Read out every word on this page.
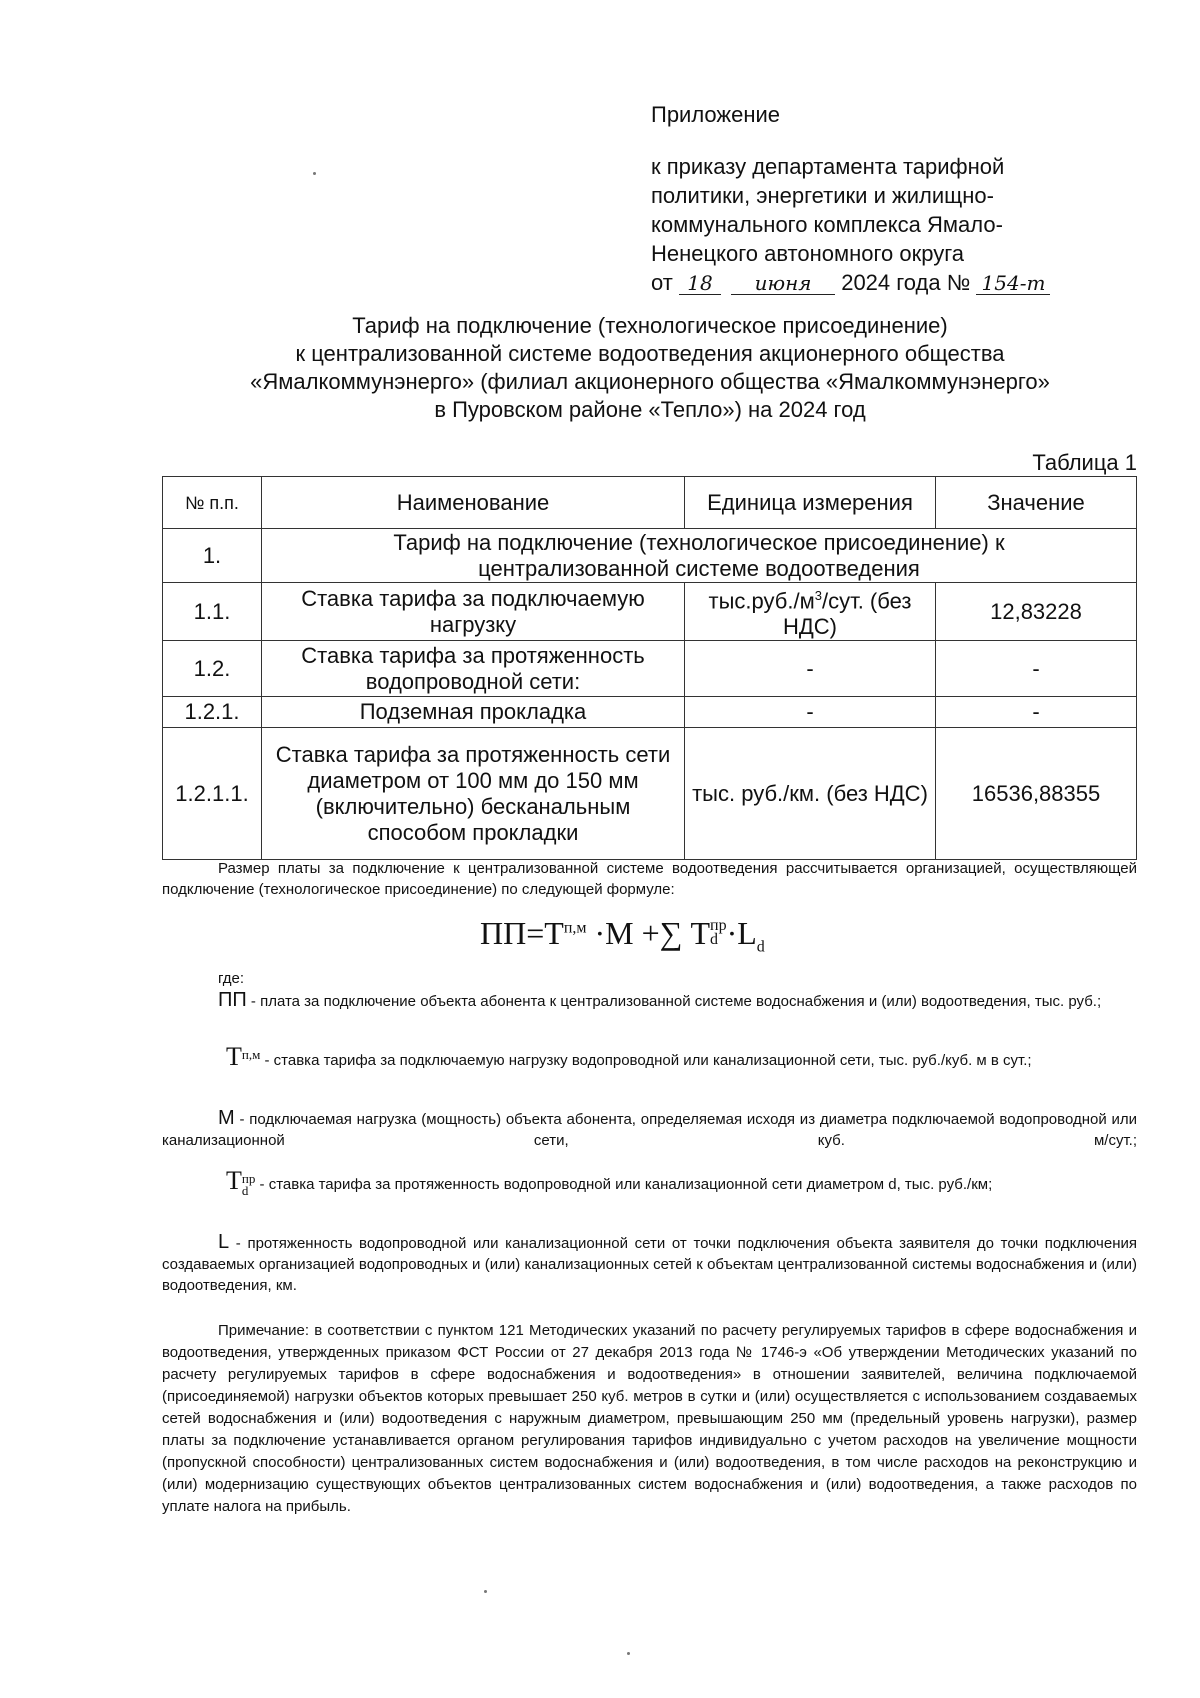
Приложение
к приказу департамента тарифной
политики, энергетики и жилищно-
коммунального комплекса Ямало-
Ненецкого автономного округа
от 18 июня 2024 года № 154-т
Тариф на подключение (технологическое присоединение)
к централизованной системе водоотведения акционерного общества
«Ямалкоммунэнерго» (филиал акционерного общества «Ямалкоммунэнерго»
в Пуровском районе «Тепло») на 2024 год
Таблица 1
№ п.п.	Наименование	Единица измерения	Значение
1.	Тариф на подключение (технологическое присоединение) к централизованной системе водоотведения		
1.1.	Ставка тарифа за подключаемую нагрузку	$тыс.руб./м^3$/сут. (без НДС)	12,83228
1.2.	Ставка тарифа за протяженность водопроводной сети:	-	-
1.2.1.	Подземная прокладка	-	-
1.2.1.1.	Ставка тарифа за протяженность сети диаметром от 100 мм до 150 мм (включительно) бесканальным способом прокладки	тыс. руб./км. (без НДС)	16536,88355
Размер платы за подключение к централизованной системе водоотведения рассчитывается организацией, осуществляющей подключение (технологическое присоединение) по следующей формуле:
$ПП=Т^{п,м} \cdot М$ +∑ Т пр
$d \cdot L_d$
где:
ПП - плата за подключение объекта абонента к централизованной системе водоснабжения и (или) водоотведения, тыс. руб.;
$Т^{п,м}$ - ставка тарифа за подключаемую нагрузку водопроводной или канализационной сети, тыс. руб./куб. м в сут.;
М - подключаемая нагрузка (мощность) объекта абонента, определяемая исходя из диаметра подключаемой водопроводной или канализационной сети, куб. м/сут.;
Т пр
d - ставка тарифа за протяженность водопроводной или канализационной сети диаметром d, тыс. руб./км;
L - протяженность водопроводной или канализационной сети от точки подключения объекта заявителя до точки подключения создаваемых организацией водопроводных и (или) канализационных сетей к объектам централизованной системы водоснабжения и (или) водоотведения, км.
Примечание: в соответствии с пунктом 121 Методических указаний по расчету регулируемых тарифов в сфере водоснабжения и водоотведения, утвержденных приказом ФСТ России от 27 декабря 2013 года № 1746-э «Об утверждении Методических указаний по расчету регулируемых тарифов в сфере водоснабжения и водоотведения» в отношении заявителей, величина подключаемой (присоединяемой) нагрузки объектов которых превышает 250 куб. метров в сутки и (или) осуществляется с использованием создаваемых сетей водоснабжения и (или) водоотведения с наружным диаметром, превышающим 250 мм (предельный уровень нагрузки), размер платы за подключение устанавливается органом регулирования тарифов индивидуально с учетом расходов на увеличение мощности (пропускной способности) централизованных систем водоснабжения и (или) водоотведения, в том числе расходов на реконструкцию и (или) модернизацию существующих объектов централизованных систем водоснабжения и (или) водоотведения, а также расходов по уплате налога на прибыль.
